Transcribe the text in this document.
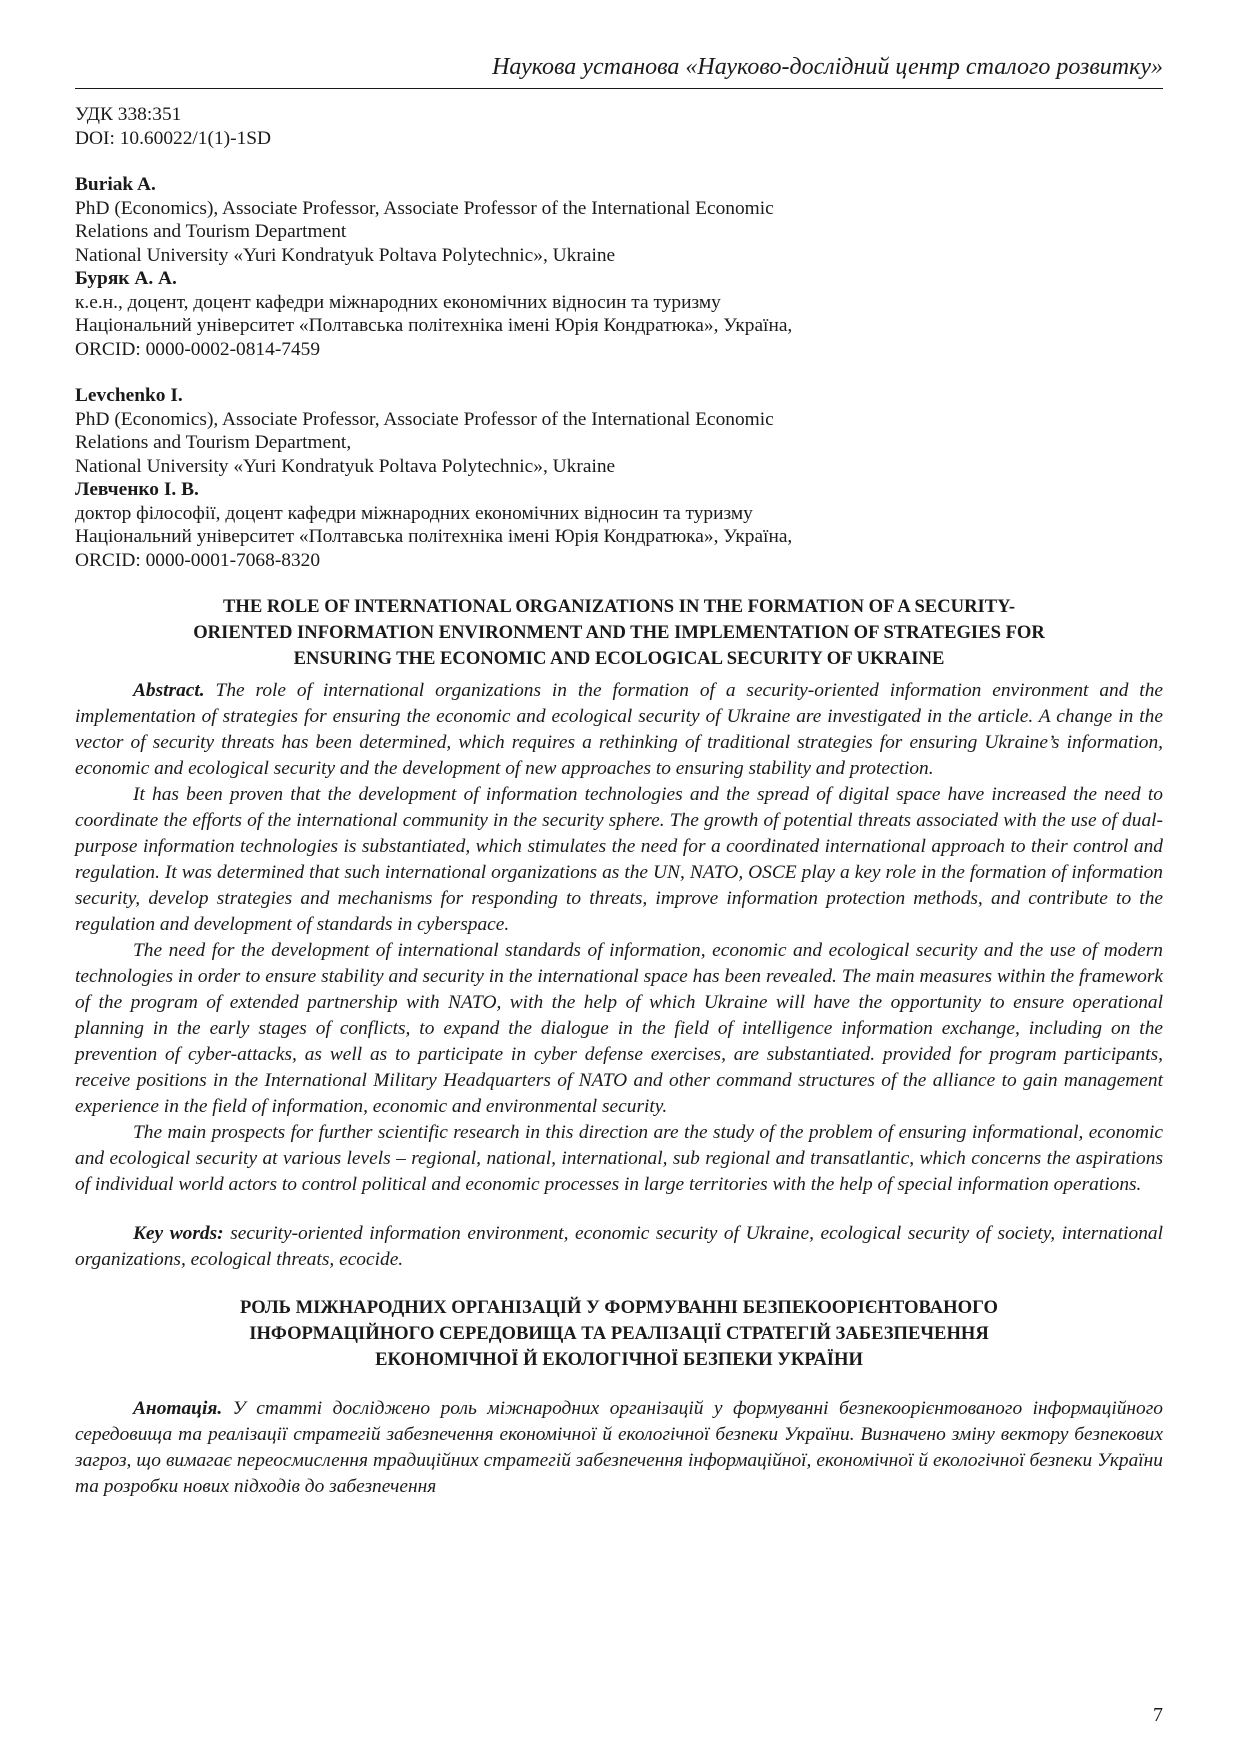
Наукова установа «Науково-дослідний центр сталого розвитку»

УДК 338:351

DOI: 10.60022/1(1)-1SD

Buriak A.

PhD (Economics), Associate Professor, Associate Professor of the International Economic

Relations and Tourism Department

National University «Yuri Kondratyuk Poltava Polytechnic», Ukraine

Буряк А. А.

к.е.н., доцент, доцент кафедри міжнародних економічних відносин та туризму

Національний університет «Полтавська політехніка імені Юрія Кондратюка», Україна,

ORCID: 0000-0002-0814-7459

Levchenko I.

PhD (Economics), Associate Professor, Associate Professor of the International Economic

Relations and Tourism Department,

National University «Yuri Kondratyuk Poltava Polytechnic», Ukraine

Левченко І. В.

доктор філософії, доцент кафедри міжнародних економічних відносин та туризму

Національний університет «Полтавська політехніка імені Юрія Кондратюка», Україна,

ORCID: 0000-0001-7068-8320

THE ROLE OF INTERNATIONAL ORGANIZATIONS IN THE FORMATION OF A SECURITY-

ORIENTED INFORMATION ENVIRONMENT AND THE IMPLEMENTATION OF STRATEGIES FOR

ENSURING THE ECONOMIC AND ECOLOGICAL SECURITY OF UKRAINE

Abstract. The role of international organizations in the formation of a security-oriented information environment and the implementation of strategies for ensuring the economic and ecological security of Ukraine are investigated in the article. A change in the vector of security threats has been determined, which requires a rethinking of traditional strategies for ensuring Ukraine’s information, economic and ecological security and the development of new approaches to ensuring stability and protection.

It has been proven that the development of information technologies and the spread of digital space have increased the need to coordinate the efforts of the international community in the security sphere. The growth of potential threats associated with the use of dual-purpose information technologies is substantiated, which stimulates the need for a coordinated international approach to their control and regulation. It was determined that such international organizations as the UN, NATO, OSCE play a key role in the formation of information security, develop strategies and mechanisms for responding to threats, improve information protection methods, and contribute to the regulation and development of standards in cyberspace.

The need for the development of international standards of information, economic and ecological security and the use of modern technologies in order to ensure stability and security in the international space has been revealed. The main measures within the framework of the program of extended partnership with NATO, with the help of which Ukraine will have the opportunity to ensure operational planning in the early stages of conflicts, to expand the dialogue in the field of intelligence information exchange, including on the prevention of cyber-attacks, as well as to participate in cyber defense exercises, are substantiated. provided for program participants, receive positions in the International Military Headquarters of NATO and other command structures of the alliance to gain management experience in the field of information, economic and environmental security.

The main prospects for further scientific research in this direction are the study of the problem of ensuring informational, economic and ecological security at various levels – regional, national, international, sub regional and transatlantic, which concerns the aspirations of individual world actors to control political and economic processes in large territories with the help of special information operations.

Key words: security-oriented information environment, economic security of Ukraine, ecological security of society, international organizations, ecological threats, ecocide.

РОЛЬ МІЖНАРОДНИХ ОРГАНІЗАЦІЙ У ФОРМУВАННІ БЕЗПЕКООРІЄНТОВАНОГО

ІНФОРМАЦІЙНОГО СЕРЕДОВИЩА ТА РЕАЛІЗАЦІЇ СТРАТЕГІЙ ЗАБЕЗПЕЧЕННЯ

ЕКОНОМІЧНОЇ Й ЕКОЛОГІЧНОЇ БЕЗПЕКИ УКРАЇНИ

Анотація. У статті досліджено роль міжнародних організацій у формуванні безпекоорієнтованого інформаційного середовища та реалізації стратегій забезпечення економічної й екологічної безпеки України. Визначено зміну вектору безпекових загроз, що вимагає переосмислення традиційних стратегій забезпечення інформаційної, економічної й екологічної безпеки України та розробки нових підходів до забезпечення

7
